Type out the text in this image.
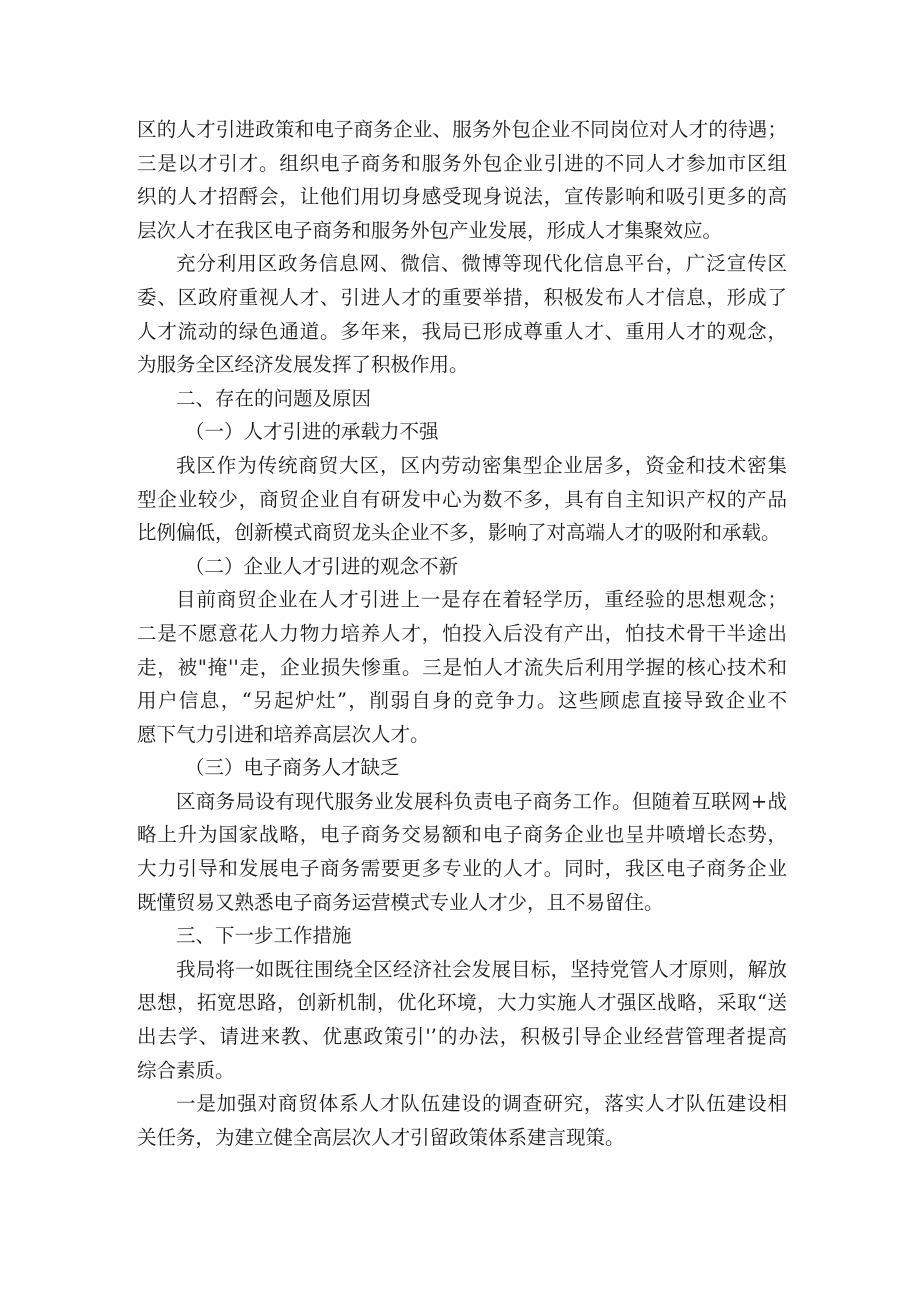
区的人才引进政策和电子商务企业、服务外包企业不同岗位对人才的待遇；
三是以才引才。组织电子商务和服务外包企业引进的不同人才参加市区组
织的人才招酹会，让他们用切身感受现身说法，宣传影响和吸引更多的高
层次人才在我区电子商务和服务外包产业发展，形成人才集聚效应。
充分利用区政务信息网、微信、微博等现代化信息平台，广泛宣传区
委、区政府重视人才、引进人才的重要举措，积极发布人才信息，形成了
人才流动的绿色通道。多年来，我局已形成尊重人才、重用人才的观念，
为服务全区经济发展发挥了积极作用。
二、存在的问题及原因
（一）人才引进的承载力不强
我区作为传统商贸大区，区内劳动密集型企业居多，资金和技术密集
型企业较少，商贸企业自有研发中心为数不多，具有自主知识产权的产品
比例偏低，创新模式商贸龙头企业不多，影响了对高端人才的吸附和承载。
（二）企业人才引进的观念不新
目前商贸企业在人才引进上一是存在着轻学历，重经验的思想观念；
二是不愿意花人力物力培养人才，怕投入后没有产出，怕技术骨干半途出
走，被"掩''走，企业损失惨重。三是怕人才流失后利用学握的核心技术和
用户信息，“另起炉灶”，削弱自身的竞争力。这些顾虑直接导致企业不
愿下气力引进和培养高层次人才。
（三）电子商务人才缺乏
区商务局设有现代服务业发展科负责电子商务工作。但随着互联网+战
略上升为国家战略，电子商务交易额和电子商务企业也呈井喷增长态势，
大力引导和发展电子商务需要更多专业的人才。同时，我区电子商务企业
既懂贸易又熟悉电子商务运营模式专业人才少，且不易留住。
三、下一步工作措施
我局将一如既往围绕全区经济社会发展目标，坚持党管人才原则，解放
思想，拓宽思路，创新机制，优化环境，大力实施人才强区战略，采取“送
出去学、请进来教、优惠政策引'’的办法，积极引导企业经营管理者提高
综合素质。
一是加强对商贸体系人才队伍建设的调查研究，落实人才队伍建设相
关任务，为建立健全高层次人才引留政策体系建言现策。
